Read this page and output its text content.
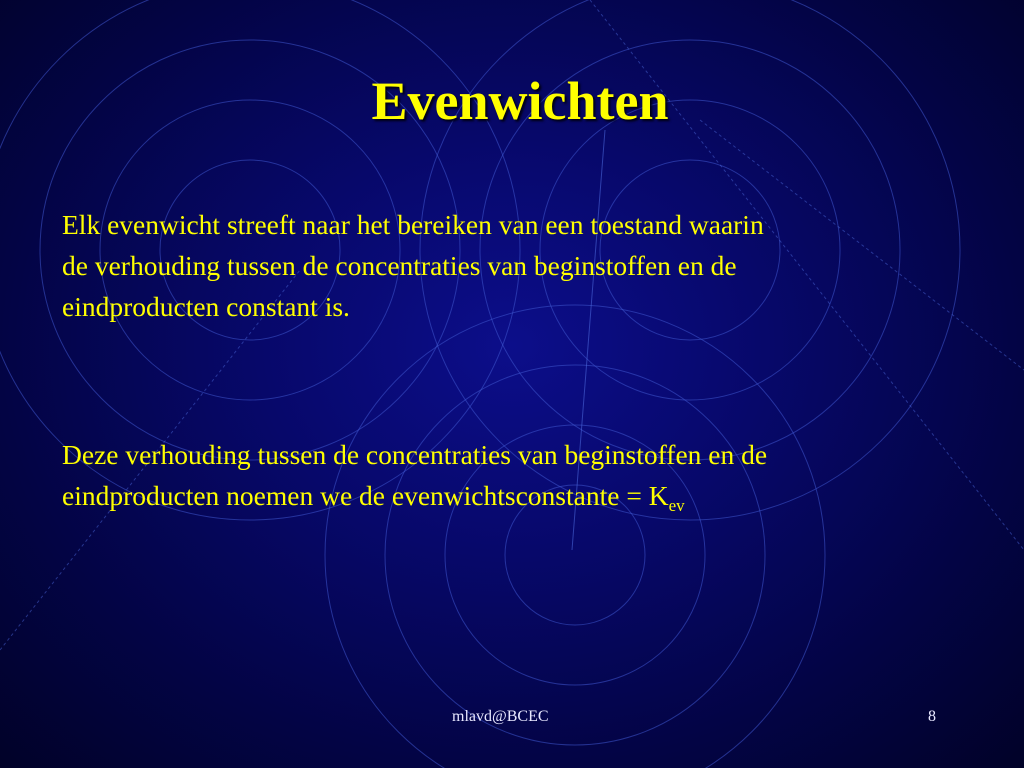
Evenwichten
Elk evenwicht streeft naar het bereiken van een toestand waarin
de verhouding tussen de concentraties van beginstoffen en de
eindproducten constant is.
Deze verhouding tussen de concentraties van beginstoffen en de
eindproducten noemen we de evenwichtsconstante = $K_{ev}$
mlavd@BCEC	8
